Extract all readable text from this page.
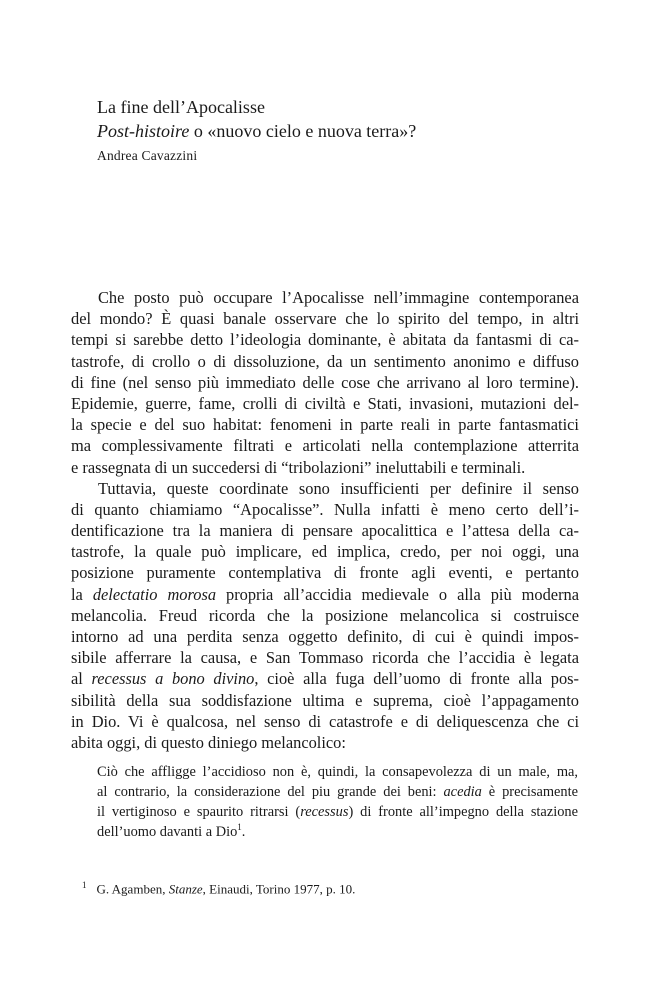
La fine dell’Apocalisse

Post-histoire o «nuovo cielo e nuova terra»?

Andrea Cavazzini
Che posto può occupare l’Apocalisse nell’immagine contemporanea
del mondo? È quasi banale osservare che lo spirito del tempo, in altri
tempi si sarebbe detto l’ideologia dominante, è abitata da fantasmi di ca-
tastrofe, di crollo o di dissoluzione, da un sentimento anonimo e diffuso
di fine (nel senso più immediato delle cose che arrivano al loro termine).
Epidemie, guerre, fame, crolli di civiltà e Stati, invasioni, mutazioni del-
la specie e del suo habitat: fenomeni in parte reali in parte fantasmatici
ma complessivamente filtrati e articolati nella contemplazione atterrita
e rassegnata di un succedersi di “tribolazioni” ineluttabili e terminali.
Tuttavia, queste coordinate sono insufficienti per definire il senso
di quanto chiamiamo “Apocalisse”. Nulla infatti è meno certo dell’i-
dentificazione tra la maniera di pensare apocalittica e l’attesa della ca-
tastrofe, la quale può implicare, ed implica, credo, per noi oggi, una
posizione puramente contemplativa di fronte agli eventi, e pertanto
la delectatio morosa propria all’accidia medievale o alla più moderna
melancolia. Freud ricorda che la posizione melancolica si costruisce
intorno ad una perdita senza oggetto definito, di cui è quindi impos-
sibile afferrare la causa, e San Tommaso ricorda che l’accidia è legata
al recessus a bono divino, cioè alla fuga dell’uomo di fronte alla pos-
sibilità della sua soddisfazione ultima e suprema, cioè l’appagamento
in Dio. Vi è qualcosa, nel senso di catastrofe e di deliquescenza che ci
abita oggi, di questo diniego melancolico:
Ciò che affligge l’accidioso non è, quindi, la consapevolezza di un male, ma,
al contrario, la considerazione del piu grande dei beni: acedia è precisamente
il vertiginoso e spaurito ritrarsi (recessus) di fronte all’impegno della stazione
dell’uomo davanti a Dio$^1$.
$^1$ G. Agamben, Stanze, Einaudi, Torino 1977, p. 10.
